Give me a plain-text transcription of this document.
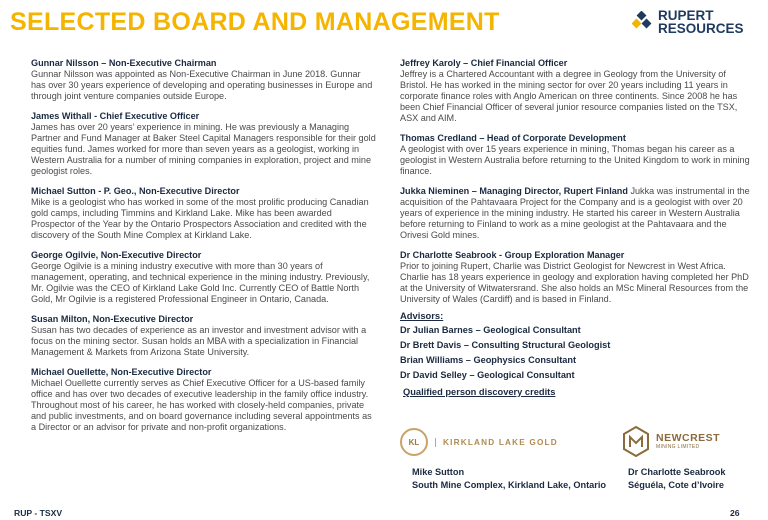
SELECTED BOARD AND MANAGEMENT	RUPERT
RESOURCES
Gunnar Nilsson – Non-Executive Chairman
Gunnar Nilsson was appointed as Non-Executive Chairman in June 2018. Gunnar has over 30 years experience of developing and operating businesses in Europe and through joint venture companies outside Europe.
James Withall - Chief Executive Officer
James has over 20 years’ experience in mining. He was previously a Managing Partner and Fund Manager at Baker Steel Capital Managers responsible for their gold equities fund. James worked for more than seven years as a geologist, working in Western Australia for a number of mining companies in exploration, project and mine geologist roles.
Michael Sutton - P. Geo., Non-Executive Director
Mike is a geologist who has worked in some of the most prolific producing Canadian gold camps, including Timmins and Kirkland Lake. Mike has been awarded Prospector of the Year by the Ontario Prospectors Association and credited with the discovery of the South Mine Complex at Kirkland Lake.
George Ogilvie, Non-Executive Director
George Ogilvie is a mining industry executive with more than 30 years of management, operating, and technical experience in the mining industry. Previously, Mr. Ogilvie was the CEO of Kirkland Lake Gold Inc. Currently CEO of Battle North Gold, Mr Ogilvie is a registered Professional Engineer in Ontario, Canada.
Susan Milton, Non-Executive Director
Susan has two decades of experience as an investor and investment advisor with a focus on the mining sector. Susan holds an MBA with a specialization in Financial Management & Markets from Arizona State University.
Michael Ouellette, Non-Executive Director
Michael Ouellette currently serves as Chief Executive Officer for a US-based family office and has over two decades of executive leadership in the family office industry. Throughout most of his career, he has worked with closely-held companies, private and public investments, and on board governance including several appointments as a Director or an advisor for private and non-profit organizations.
Jeffrey Karoly – Chief Financial Officer
Jeffrey is a Chartered Accountant with a degree in Geology from the University of Bristol. He has worked in the mining sector for over 20 years including 11 years in corporate finance roles with Anglo American on three continents. Since 2008 he has been Chief Financial Officer of several junior resource companies listed on the TSX, ASX and AIM.
Thomas Credland – Head of Corporate Development
A geologist with over 15 years experience in mining, Thomas began his career as a geologist in Western Australia before returning to the United Kingdom to work in mining finance.
Jukka Nieminen – Managing Director, Rupert Finland Jukka was instrumental in the acquisition of the Pahtavaara Project for the Company and is a geologist with over 20 years of experience in the mining industry. He started his career in Western Australia before returning to Finland to work as a mine geologist at the Pahtavaara and the Orivesi Gold mines.
Dr Charlotte Seabrook - Group Exploration Manager
Prior to joining Rupert, Charlie was District Geologist for Newcrest in West Africa. Charlie has 18 years experience in geology and exploration having completed her PhD at the University of Witwatersrand. She also holds an MSc Mineral Resources from the University of Wales (Cardiff) and is based in Finland.
Advisors:
Dr Julian Barnes – Geological Consultant
Dr Brett Davis – Consulting Structural Geologist
Brian Williams – Geophysics Consultant
Dr David Selley – Geological Consultant
Qualified person discovery credits
KL	KIRKLAND LAKE GOLD	NEWCREST
MINING LIMITED
Mike Sutton
South Mine Complex, Kirkland Lake, Ontario
Dr Charlotte Seabrook
Séguéla, Cote d’Ivoire
RUP - TSXV	26
